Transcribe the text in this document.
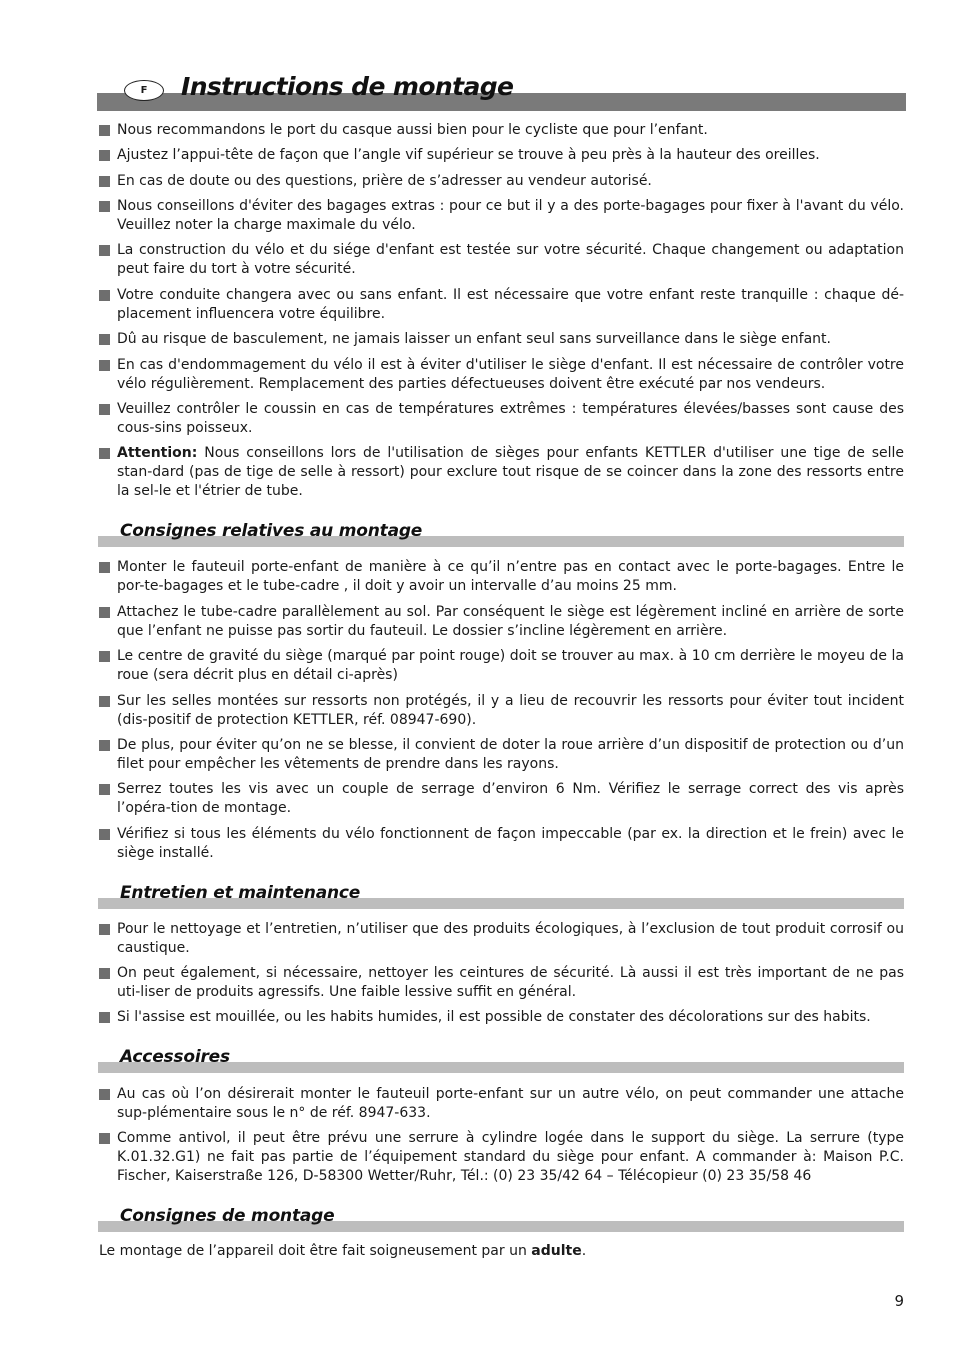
F	Instructions de montage
Nous recommandons le port du casque aussi bien pour le cycliste que pour l’enfant.
Ajustez l’appui-tête de façon que l’angle vif supérieur se trouve à peu près à la hauteur des oreilles.
En cas de doute ou des questions, prière de s’adresser au vendeur autorisé.
Nous conseillons d'éviter des bagages extras : pour ce but il y a des porte-bagages pour fixer à l'avant du vélo. Veuillez noter la charge maximale du vélo.
La construction du vélo et du siége d'enfant est testée sur votre sécurité. Chaque changement ou adaptation peut faire du tort à votre sécurité.
Votre conduite changera avec ou sans enfant. Il est nécessaire que votre enfant reste tranquille : chaque dé-placement influencera votre équilibre.
Dû au risque de basculement, ne jamais laisser un enfant seul sans surveillance dans le siège enfant.
En cas d'endommagement du vélo il est à éviter d'utiliser le siège d'enfant. Il est nécessaire de contrôler votre vélo régulièrement. Remplacement des parties défectueuses doivent être exécuté par nos vendeurs.
Veuillez contrôler le coussin en cas de températures extrêmes : températures élevées/basses sont cause des cous-sins poisseux.
Attention: Nous conseillons lors de l'utilisation de sièges pour enfants KETTLER d'utiliser une tige de selle stan-dard (pas de tige de selle à ressort) pour exclure tout risque de se coincer dans la zone des ressorts entre la sel-le et l'étrier de tube.
Consignes relatives au montage
Monter le fauteuil porte-enfant de manière à ce qu’il n’entre pas en contact avec le porte-bagages. Entre le por-te-bagages et le tube-cadre , il doit y avoir un intervalle d’au moins 25 mm.
Attachez le tube-cadre parallèlement au sol. Par conséquent le siège est légèrement incliné en arrière de sorte que l’enfant ne puisse pas sortir du fauteuil. Le dossier s’incline légèrement en arrière.
Le centre de gravité du siège (marqué par point rouge) doit se trouver au max. à 10 cm derrière le moyeu de la roue (sera décrit plus en détail ci-après)
Sur les selles montées sur ressorts non protégés, il y a lieu de recouvrir les ressorts pour éviter tout incident (dis-positif de protection KETTLER, réf. 08947-690).
De plus, pour éviter qu’on ne se blesse, il convient de doter la roue arrière d’un dispositif de protection ou d’un filet pour empêcher les vêtements de prendre dans les rayons.
Serrez toutes les vis avec un couple de serrage d’environ 6 Nm. Vérifiez le serrage correct des vis après l’opéra-tion de montage.
Vérifiez si tous les éléments du vélo fonctionnent de façon impeccable (par ex. la direction et le frein) avec le siège installé.
Entretien et maintenance
Pour le nettoyage et l’entretien, n’utiliser que des produits écologiques, à l’exclusion de tout produit corrosif ou caustique.
On peut également, si nécessaire, nettoyer les ceintures de sécurité. Là aussi il est très important de ne pas uti-liser de produits agressifs. Une faible lessive suffit en général.
Si l'assise est mouillée, ou les habits humides, il est possible de constater des décolorations sur des habits.
Accessoires
Au cas où l’on désirerait monter le fauteuil porte-enfant sur un autre vélo, on peut commander une attache sup-plémentaire sous le n° de réf. 8947-633.
Comme antivol, il peut être prévu une serrure à cylindre logée dans le support du siège. La serrure (type K.01.32.G1) ne fait pas partie de l’équipement standard du siège pour enfant. A commander à: Maison P.C. Fischer, Kaiserstraße 126, D-58300 Wetter/Ruhr, Tél.: (0) 23 35/42 64 – Télécopieur (0) 23 35/58 46
Consignes de montage
Le montage de l’appareil doit être fait soigneusement par un adulte.
9
